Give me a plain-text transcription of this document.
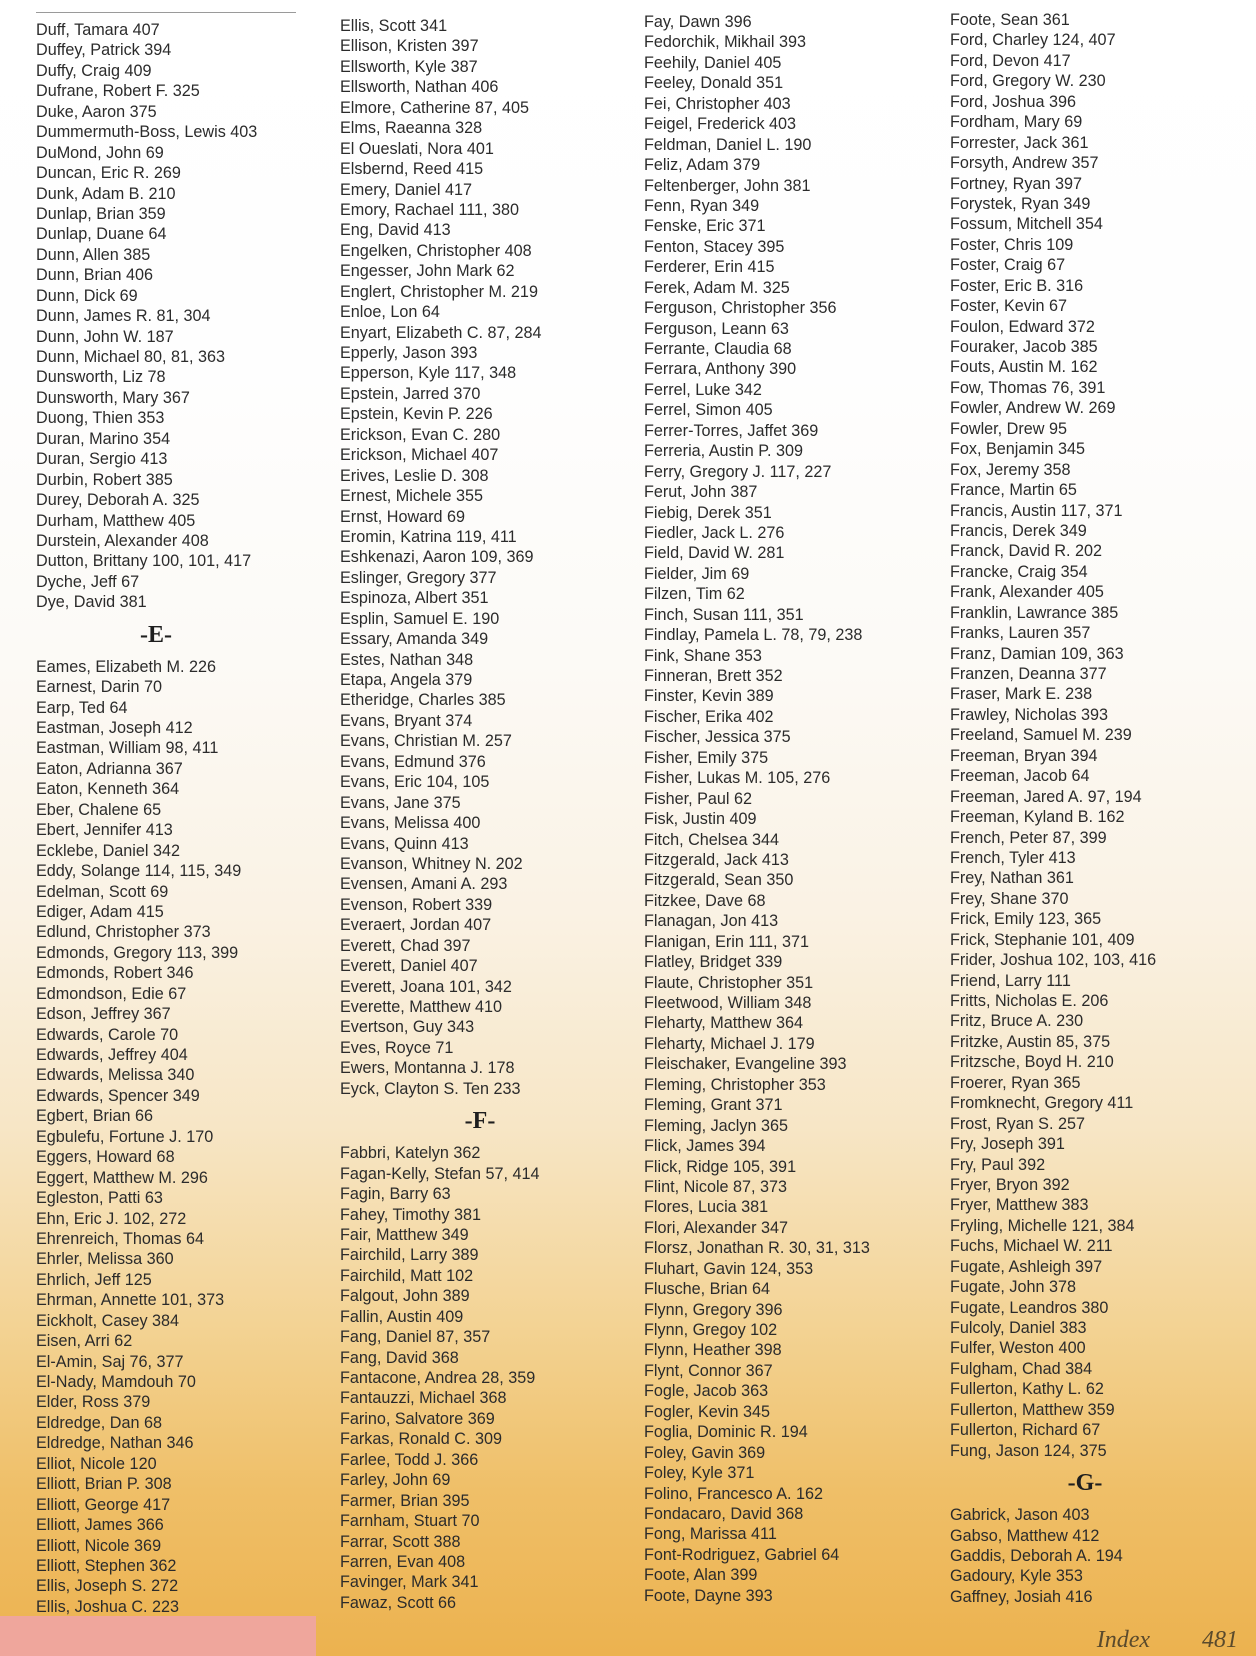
Duff, Tamara 407
Duffey, Patrick 394
Duffy, Craig 409
Dufrane, Robert F. 325
Duke, Aaron 375
Dummermuth-Boss, Lewis 403
DuMond, John 69
Duncan, Eric R. 269
Dunk, Adam B. 210
Dunlap, Brian 359
Dunlap, Duane 64
Dunn, Allen 385
Dunn, Brian 406
Dunn, Dick 69
Dunn, James R. 81, 304
Dunn, John W. 187
Dunn, Michael 80, 81, 363
Dunsworth, Liz 78
Dunsworth, Mary 367
Duong, Thien 353
Duran, Marino 354
Duran, Sergio 413
Durbin, Robert 385
Durey, Deborah A. 325
Durham, Matthew 405
Durstein, Alexander 408
Dutton, Brittany 100, 101, 417
Dyche, Jeff 67
Dye, David 381
-E-
Eames, Elizabeth M. 226
Earnest, Darin 70
Earp, Ted 64
Eastman, Joseph 412
Eastman, William 98, 411
Eaton, Adrianna 367
Eaton, Kenneth 364
Eber, Chalene 65
Ebert, Jennifer 413
Ecklebe, Daniel 342
Eddy, Solange 114, 115, 349
Edelman, Scott 69
Ediger, Adam 415
Edlund, Christopher 373
Edmonds, Gregory 113, 399
Edmonds, Robert 346
Edmondson, Edie 67
Edson, Jeffrey 367
Edwards, Carole 70
Edwards, Jeffrey 404
Edwards, Melissa 340
Edwards, Spencer 349
Egbert, Brian 66
Egbulefu, Fortune J. 170
Eggers, Howard 68
Eggert, Matthew M. 296
Egleston, Patti 63
Ehn, Eric J. 102, 272
Ehrenreich, Thomas 64
Ehrler, Melissa 360
Ehrlich, Jeff 125
Ehrman, Annette 101, 373
Eickholt, Casey 384
Eisen, Arri 62
El-Amin, Saj 76, 377
El-Nady, Mamdouh 70
Elder, Ross 379
Eldredge, Dan 68
Eldredge, Nathan 346
Elliot, Nicole 120
Elliott, Brian P. 308
Elliott, George 417
Elliott, James 366
Elliott, Nicole 369
Elliott, Stephen 362
Ellis, Joseph S. 272
Ellis, Joshua C. 223
Ellis, Scott 341
Ellison, Kristen 397
Ellsworth, Kyle 387
Ellsworth, Nathan 406
Elmore, Catherine 87, 405
Elms, Raeanna 328
El Oueslati, Nora 401
Elsbernd, Reed 415
Emery, Daniel 417
Emory, Rachael 111, 380
Eng, David 413
Engelken, Christopher 408
Engesser, John Mark 62
Englert, Christopher M. 219
Enloe, Lon 64
Enyart, Elizabeth C. 87, 284
Epperly, Jason 393
Epperson, Kyle 117, 348
Epstein, Jarred 370
Epstein, Kevin P. 226
Erickson, Evan C. 280
Erickson, Michael 407
Erives, Leslie D. 308
Ernest, Michele 355
Ernst, Howard 69
Eromin, Katrina 119, 411
Eshkenazi, Aaron 109, 369
Eslinger, Gregory 377
Espinoza, Albert 351
Esplin, Samuel E. 190
Essary, Amanda 349
Estes, Nathan 348
Etapa, Angela 379
Etheridge, Charles 385
Evans, Bryant 374
Evans, Christian M. 257
Evans, Edmund 376
Evans, Eric 104, 105
Evans, Jane 375
Evans, Melissa 400
Evans, Quinn 413
Evanson, Whitney N. 202
Evensen, Amani A. 293
Evenson, Robert 339
Everaert, Jordan 407
Everett, Chad 397
Everett, Daniel 407
Everett, Joana 101, 342
Everette, Matthew 410
Evertson, Guy 343
Eves, Royce 71
Ewers, Montanna J. 178
Eyck, Clayton S. Ten 233
-F-
Fabbri, Katelyn 362
Fagan-Kelly, Stefan 57, 414
Fagin, Barry 63
Fahey, Timothy 381
Fair, Matthew 349
Fairchild, Larry 389
Fairchild, Matt 102
Falgout, John 389
Fallin, Austin 409
Fang, Daniel 87, 357
Fang, David 368
Fantacone, Andrea 28, 359
Fantauzzi, Michael 368
Farino, Salvatore 369
Farkas, Ronald C. 309
Farlee, Todd J. 366
Farley, John 69
Farmer, Brian 395
Farnham, Stuart 70
Farrar, Scott 388
Farren, Evan 408
Favinger, Mark 341
Fawaz, Scott 66
Fay, Dawn 396
Fedorchik, Mikhail 393
Feehily, Daniel 405
Feeley, Donald 351
Fei, Christopher 403
Feigel, Frederick 403
Feldman, Daniel L. 190
Feliz, Adam 379
Feltenberger, John 381
Fenn, Ryan 349
Fenske, Eric 371
Fenton, Stacey 395
Ferderer, Erin 415
Ferek, Adam M. 325
Ferguson, Christopher 356
Ferguson, Leann 63
Ferrante, Claudia 68
Ferrara, Anthony 390
Ferrel, Luke 342
Ferrel, Simon 405
Ferrer-Torres, Jaffet 369
Ferreria, Austin P. 309
Ferry, Gregory J. 117, 227
Ferut, John 387
Fiebig, Derek 351
Fiedler, Jack L. 276
Field, David W. 281
Fielder, Jim 69
Filzen, Tim 62
Finch, Susan 111, 351
Findlay, Pamela L. 78, 79, 238
Fink, Shane 353
Finneran, Brett 352
Finster, Kevin 389
Fischer, Erika 402
Fischer, Jessica 375
Fisher, Emily 375
Fisher, Lukas M. 105, 276
Fisher, Paul 62
Fisk, Justin 409
Fitch, Chelsea 344
Fitzgerald, Jack 413
Fitzgerald, Sean 350
Fitzkee, Dave 68
Flanagan, Jon 413
Flanigan, Erin 111, 371
Flatley, Bridget 339
Flaute, Christopher 351
Fleetwood, William 348
Fleharty, Matthew 364
Fleharty, Michael J. 179
Fleischaker, Evangeline 393
Fleming, Christopher 353
Fleming, Grant 371
Fleming, Jaclyn 365
Flick, James 394
Flick, Ridge 105, 391
Flint, Nicole 87, 373
Flores, Lucia 381
Flori, Alexander 347
Florsz, Jonathan R. 30, 31, 313
Fluhart, Gavin 124, 353
Flusche, Brian 64
Flynn, Gregory 396
Flynn, Gregoy 102
Flynn, Heather 398
Flynt, Connor 367
Fogle, Jacob 363
Fogler, Kevin 345
Foglia, Dominic R. 194
Foley, Gavin 369
Foley, Kyle 371
Folino, Francesco A. 162
Fondacaro, David 368
Fong, Marissa 411
Font-Rodriguez, Gabriel 64
Foote, Alan 399
Foote, Dayne 393
Foote, Sean 361
Ford, Charley 124, 407
Ford, Devon 417
Ford, Gregory W. 230
Ford, Joshua 396
Fordham, Mary 69
Forrester, Jack 361
Forsyth, Andrew 357
Fortney, Ryan 397
Forystek, Ryan 349
Fossum, Mitchell 354
Foster, Chris 109
Foster, Craig 67
Foster, Eric B. 316
Foster, Kevin 67
Foulon, Edward 372
Fouraker, Jacob 385
Fouts, Austin M. 162
Fow, Thomas 76, 391
Fowler, Andrew W. 269
Fowler, Drew 95
Fox, Benjamin 345
Fox, Jeremy 358
France, Martin 65
Francis, Austin 117, 371
Francis, Derek 349
Franck, David R. 202
Francke, Craig 354
Frank, Alexander 405
Franklin, Lawrance 385
Franks, Lauren 357
Franz, Damian 109, 363
Franzen, Deanna 377
Fraser, Mark E. 238
Frawley, Nicholas 393
Freeland, Samuel M. 239
Freeman, Bryan 394
Freeman, Jacob 64
Freeman, Jared A. 97, 194
Freeman, Kyland B. 162
French, Peter 87, 399
French, Tyler 413
Frey, Nathan 361
Frey, Shane 370
Frick, Emily 123, 365
Frick, Stephanie 101, 409
Frider, Joshua 102, 103, 416
Friend, Larry 111
Fritts, Nicholas E. 206
Fritz, Bruce A. 230
Fritzke, Austin 85, 375
Fritzsche, Boyd H. 210
Froerer, Ryan 365
Fromknecht, Gregory 411
Frost, Ryan S. 257
Fry, Joseph 391
Fry, Paul 392
Fryer, Bryon 392
Fryer, Matthew 383
Fryling, Michelle 121, 384
Fuchs, Michael W. 211
Fugate, Ashleigh 397
Fugate, John 378
Fugate, Leandros 380
Fulcoly, Daniel 383
Fulfer, Weston 400
Fulgham, Chad 384
Fullerton, Kathy L. 62
Fullerton, Matthew 359
Fullerton, Richard 67
Fung, Jason 124, 375
-G-
Gabrick, Jason 403
Gabso, Matthew 412
Gaddis, Deborah A. 194
Gadoury, Kyle 353
Gaffney, Josiah 416
Index 481
